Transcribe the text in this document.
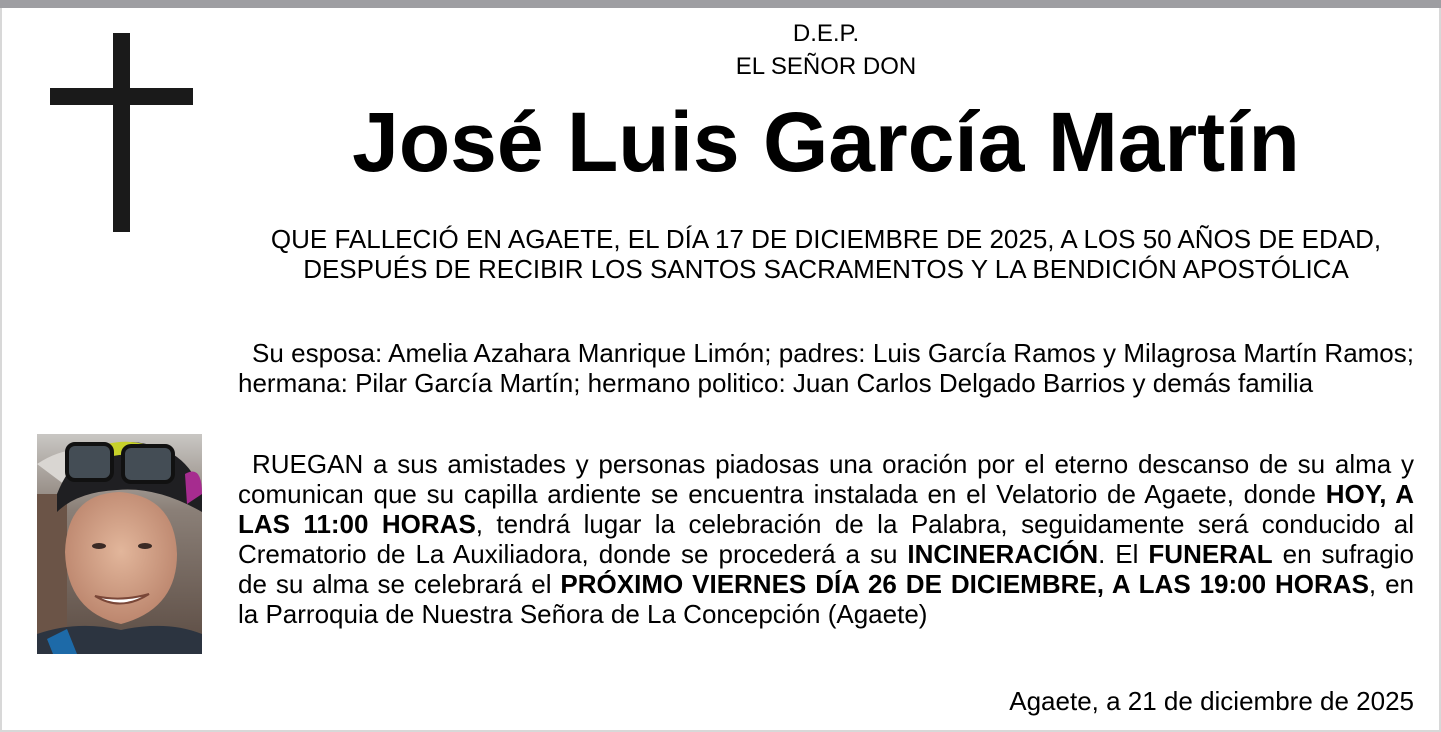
D.E.P.
EL SEÑOR DON
José Luis García Martín
QUE FALLECIÓ EN AGAETE, EL DÍA 17 DE DICIEMBRE DE 2025, A LOS 50 AÑOS DE EDAD, DESPUÉS DE RECIBIR LOS SANTOS SACRAMENTOS Y LA BENDICIÓN APOSTÓLICA
Su esposa: Amelia Azahara Manrique Limón; padres: Luis García Ramos y Milagrosa Martín Ramos; hermana: Pilar García Martín; hermano politico: Juan Carlos Delgado Barrios y demás familia
RUEGAN a sus amistades y personas piadosas una oración por el eterno descanso de su alma y comunican que su capilla ardiente se encuentra instalada en el Velatorio de Agaete, donde HOY, A LAS 11:00 HORAS, tendrá lugar la celebración de la Palabra, seguidamente será conducido al Crematorio de La Auxiliadora, donde se procederá a su INCINERACIÓN. El FUNERAL en sufragio de su alma se celebrará el PRÓXIMO VIERNES DÍA 26 DE DICIEMBRE, A LAS 19:00 HORAS, en la Parroquia de Nuestra Señora de La Concepción (Agaete)
Agaete, a 21 de diciembre de 2025
